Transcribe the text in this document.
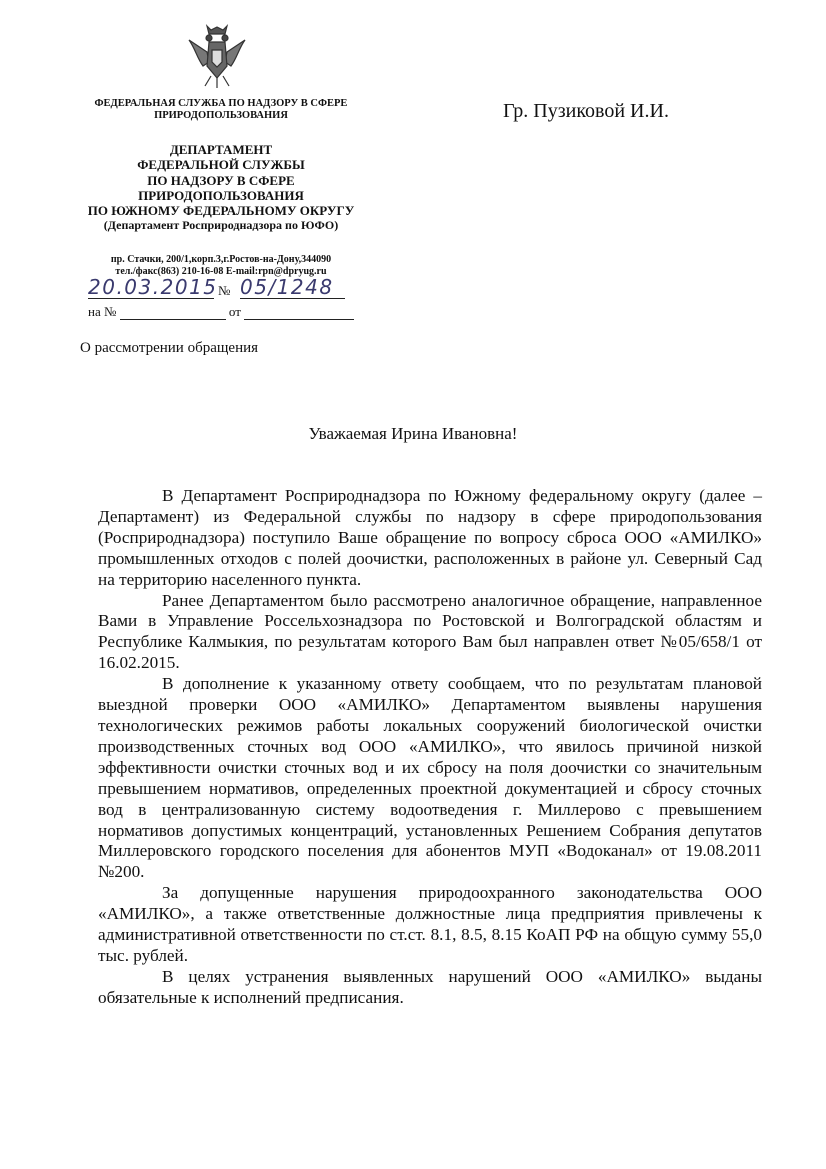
ФЕДЕРАЛЬНАЯ СЛУЖБА ПО НАДЗОРУ В СФЕРЕ
ПРИРОДОПОЛЬЗОВАНИЯ
ДЕПАРТАМЕНТ
ФЕДЕРАЛЬНОЙ СЛУЖБЫ
ПО НАДЗОРУ В СФЕРЕ
ПРИРОДОПОЛЬЗОВАНИЯ
ПО ЮЖНОМУ ФЕДЕРАЛЬНОМУ ОКРУГУ
(Департамент Росприроднадзора по ЮФО)
пр. Стачки, 200/1,корп.3,г.Ростов-на-Дону,344090
тел./факс(863) 210-16-08 E-mail:rpn@dpryug.ru
Гр. Пузиковой И.И.
20.03.2015 № 05/1248
на №	от
О рассмотрении обращения
Уважаемая Ирина Ивановна!

В Департамент Росприроднадзора по Южному федеральному округу (далее – Департамент) из Федеральной службы по надзору в сфере природопользования (Росприроднадзора) поступило Ваше обращение по вопросу сброса ООО «АМИЛКО» промышленных отходов с полей доочистки, расположенных в районе ул. Северный Сад на территорию населенного пункта.

Ранее Департаментом было рассмотрено аналогичное обращение, направленное Вами в Управление Россельхознадзора по Ростовской и Волгоградской областям и Республике Калмыкия, по результатам которого Вам был направлен ответ №05/658/1 от 16.02.2015.

В дополнение к указанному ответу сообщаем, что по результатам плановой выездной проверки ООО «АМИЛКО» Департаментом выявлены нарушения технологических режимов работы локальных сооружений биологической очистки производственных сточных вод ООО «АМИЛКО», что явилось причиной низкой эффективности очистки сточных вод и их сбросу на поля доочистки со значительным превышением нормативов, определенных проектной документацией и сбросу сточных вод в централизованную систему водоотведения г. Миллерово с превышением нормативов допустимых концентраций, установленных Решением Собрания депутатов Миллеровского городского поселения для абонентов МУП «Водоканал» от 19.08.2011 №200.

За допущенные нарушения природоохранного законодательства ООО «АМИЛКО», а также ответственные должностные лица предприятия привлечены к административной ответственности по ст.ст. 8.1, 8.5, 8.15 КоАП РФ на общую сумму 55,0 тыс. рублей.

В целях устранения выявленных нарушений ООО «АМИЛКО» выданы обязательные к исполнений предписания.
